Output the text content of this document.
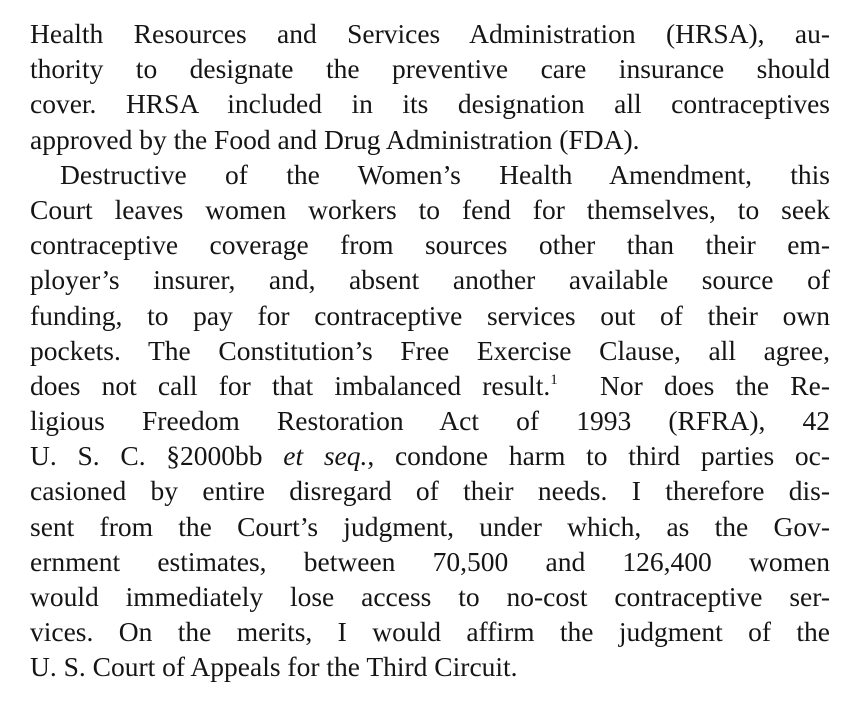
Health Resources and Services Administration (HRSA), au-
thority to designate the preventive care insurance should
cover. HRSA included in its designation all contraceptives
approved by the Food and Drug Administration (FDA).
Destructive of the Women’s Health Amendment, this
Court leaves women workers to fend for themselves, to seek
contraceptive coverage from sources other than their em-
ployer’s insurer, and, absent another available source of
funding, to pay for contraceptive services out of their own
pockets. The Constitution’s Free Exercise Clause, all agree,
does not call for that imbalanced result.$^1$  Nor does the Re-
ligious Freedom Restoration Act of 1993 (RFRA), 42
U. S. C. §2000bb et seq., condone harm to third parties oc-
casioned by entire disregard of their needs. I therefore dis-
sent from the Court’s judgment, under which, as the Gov-
ernment estimates, between 70,500 and 126,400 women
would immediately lose access to no-cost contraceptive ser-
vices. On the merits, I would affirm the judgment of the
U. S. Court of Appeals for the Third Circuit.
